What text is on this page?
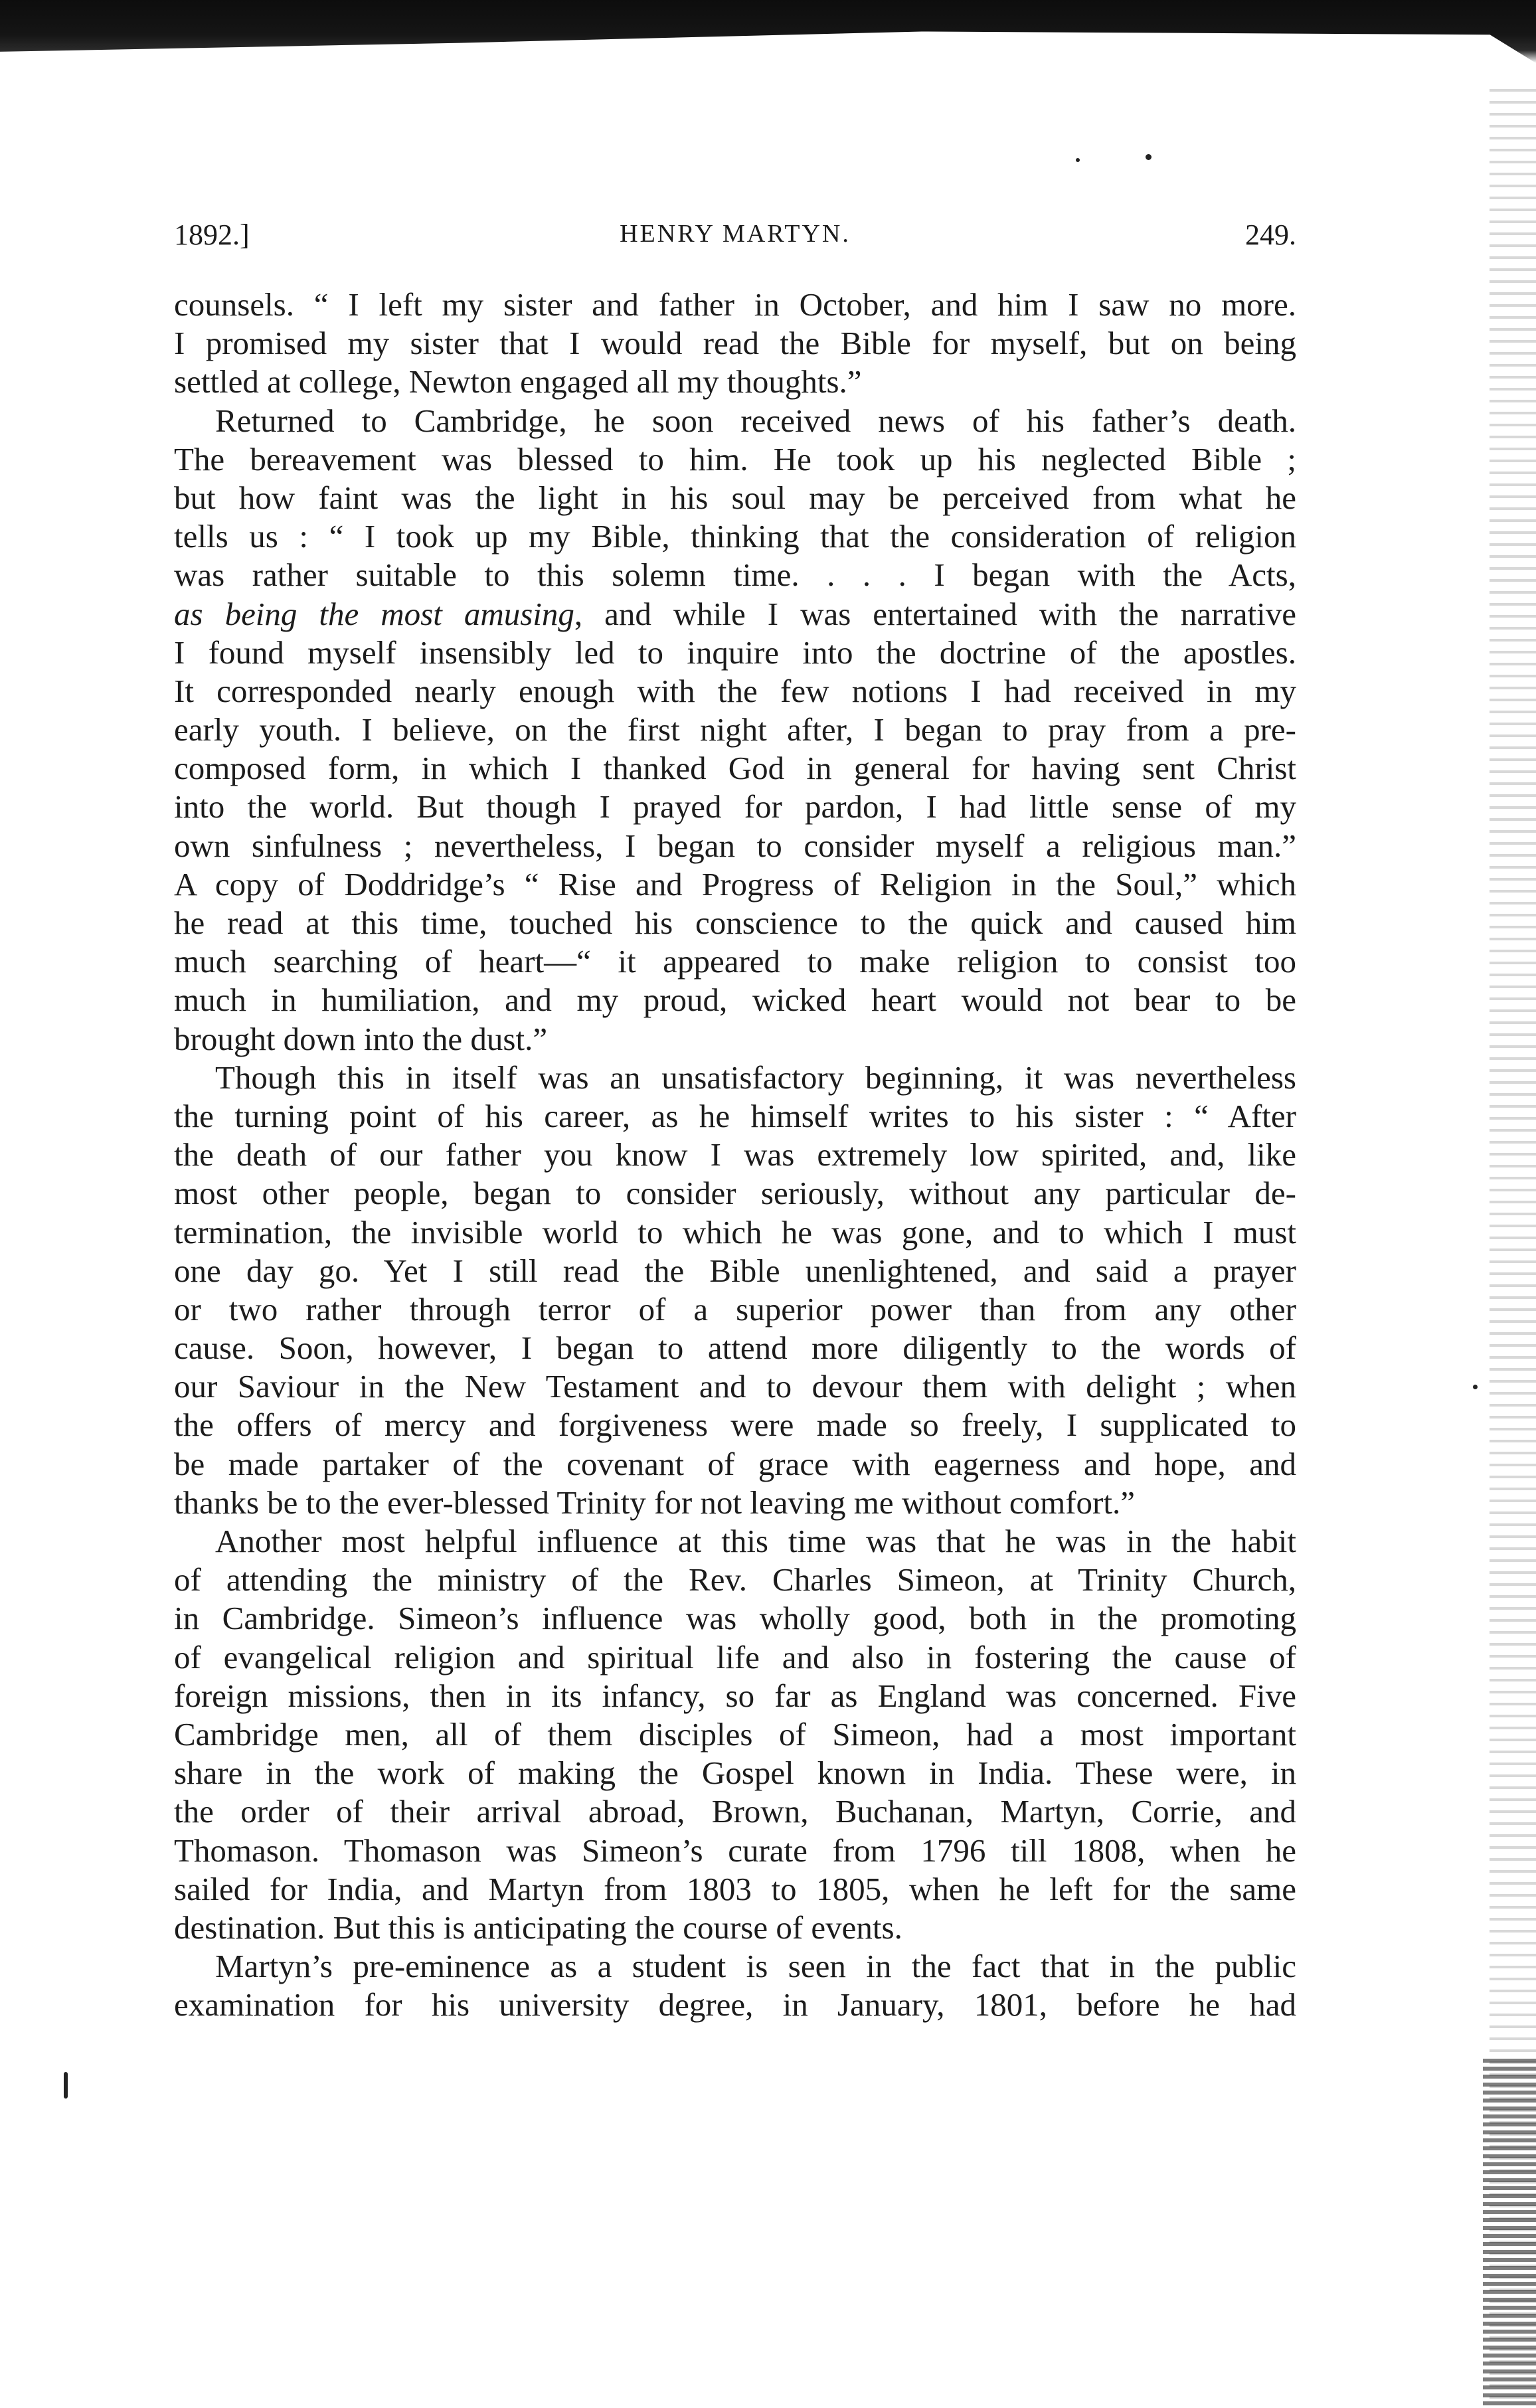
1892.]	HENRY MARTYN.	249.
counsels. “ I left my sister and father in October, and him I saw no more.
I promised my sister that I would read the Bible for myself, but on being
settled at college, Newton engaged all my thoughts.”
Returned to Cambridge, he soon received news of his father’s death.
The bereavement was blessed to him. He took up his neglected Bible ;
but how faint was the light in his soul may be perceived from what he
tells us : “ I took up my Bible, thinking that the consideration of religion
was rather suitable to this solemn time. . . . I began with the Acts,
as being the most amusing, and while I was entertained with the narrative
I found myself insensibly led to inquire into the doctrine of the apostles.
It corresponded nearly enough with the few notions I had received in my
early youth. I believe, on the first night after, I began to pray from a pre-
composed form, in which I thanked God in general for having sent Christ
into the world. But though I prayed for pardon, I had little sense of my
own sinfulness ; nevertheless, I began to consider myself a religious man.”
A copy of Doddridge’s “ Rise and Progress of Religion in the Soul,” which
he read at this time, touched his conscience to the quick and caused him
much searching of heart—“ it appeared to make religion to consist too
much in humiliation, and my proud, wicked heart would not bear to be
brought down into the dust.”
Though this in itself was an unsatisfactory beginning, it was nevertheless
the turning point of his career, as he himself writes to his sister : “ After
the death of our father you know I was extremely low spirited, and, like
most other people, began to consider seriously, without any particular de-
termination, the invisible world to which he was gone, and to which I must
one day go. Yet I still read the Bible unenlightened, and said a prayer
or two rather through terror of a superior power than from any other
cause. Soon, however, I began to attend more diligently to the words of
our Saviour in the New Testament and to devour them with delight ; when
the offers of mercy and forgiveness were made so freely, I supplicated to
be made partaker of the covenant of grace with eagerness and hope, and
thanks be to the ever-blessed Trinity for not leaving me without comfort.”
Another most helpful influence at this time was that he was in the habit
of attending the ministry of the Rev. Charles Simeon, at Trinity Church,
in Cambridge. Simeon’s influence was wholly good, both in the promoting
of evangelical religion and spiritual life and also in fostering the cause of
foreign missions, then in its infancy, so far as England was concerned. Five
Cambridge men, all of them disciples of Simeon, had a most important
share in the work of making the Gospel known in India. These were, in
the order of their arrival abroad, Brown, Buchanan, Martyn, Corrie, and
Thomason. Thomason was Simeon’s curate from 1796 till 1808, when he
sailed for India, and Martyn from 1803 to 1805, when he left for the same
destination. But this is anticipating the course of events.
Martyn’s pre-eminence as a student is seen in the fact that in the public
examination for his university degree, in January, 1801, before he had
